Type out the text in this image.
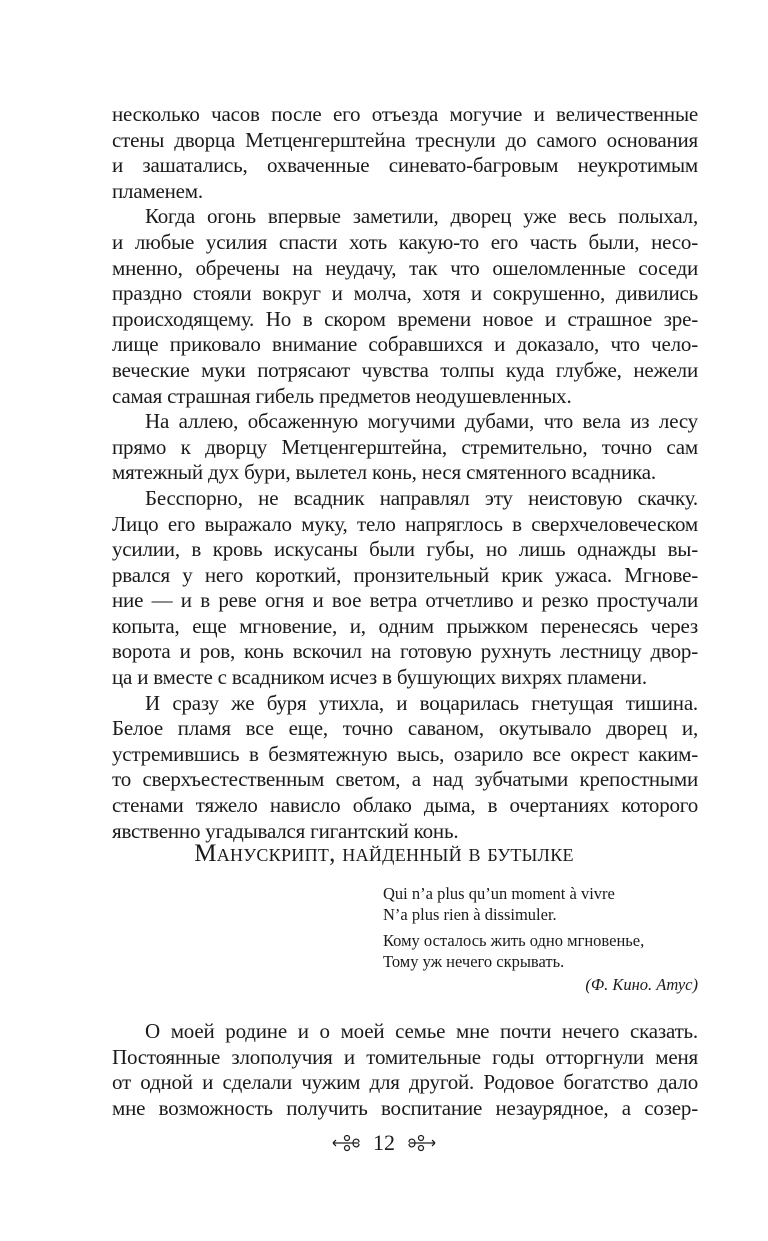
несколько часов после его отъезда могучие и величественные
стены дворца Метценгерштейна треснули до самого основания
и зашатались, охваченные синевато-багровым неукротимым
пламенем.
Когда огонь впервые заметили, дворец уже весь полыхал,
и любые усилия спасти хоть какую-то его часть были, несо-
мненно, обречены на неудачу, так что ошеломленные соседи
праздно стояли вокруг и молча, хотя и сокрушенно, дивились
происходящему. Но в скором времени новое и страшное зре-
лище приковало внимание собравшихся и доказало, что чело-
веческие муки потрясают чувства толпы куда глубже, нежели
самая страшная гибель предметов неодушевленных.
На аллею, обсаженную могучими дубами, что вела из лесу
прямо к дворцу Метценгерштейна, стремительно, точно сам
мятежный дух бури, вылетел конь, неся смятенного всадника.
Бесспорно, не всадник направлял эту неистовую скачку.
Лицо его выражало муку, тело напряглось в сверхчеловеческом
усилии, в кровь искусаны были губы, но лишь однажды вы-
рвался у него короткий, пронзительный крик ужаса. Мгнове-
ние — и в реве огня и вое ветра отчетливо и резко простучали
копыта, еще мгновение, и, одним прыжком перенесясь через
ворота и ров, конь вскочил на готовую рухнуть лестницу двор-
ца и вместе с всадником исчез в бушующих вихрях пламени.
И сразу же буря утихла, и воцарилась гнетущая тишина.
Белое пламя все еще, точно саваном, окутывало дворец и,
устремившись в безмятежную высь, озарило все окрест каким-
то сверхъестественным светом, а над зубчатыми крепостными
стенами тяжело нависло облако дыма, в очертаниях которого
явственно угадывался гигантский конь.
Манускрипт, найденный в бутылке
Qui n’a plus qu’un moment à vivre
N’a plus rien à dissimuler.
Кому осталось жить одно мгновенье,
Тому уж нечего скрывать.
(Ф. Кино. Атус)
О моей родине и о моей семье мне почти нечего сказать.
Постоянные злополучия и томительные годы отторгнули меня
от одной и сделали чужим для другой. Родовое богатство дало
мне возможность получить воспитание незаурядное, а созер-
12
